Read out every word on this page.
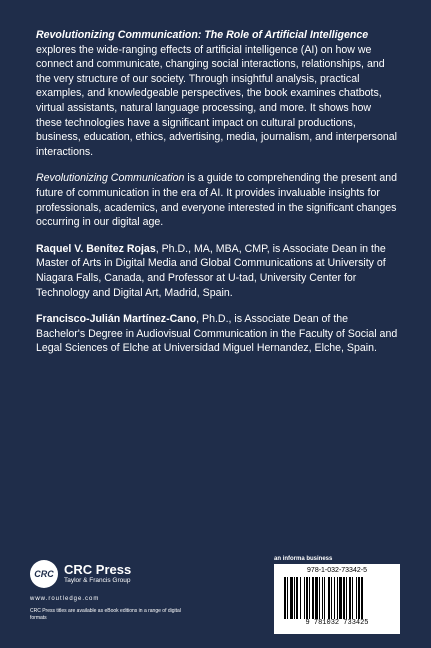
Revolutionizing Communication: The Role of Artificial Intelligence explores the wide-ranging effects of artificial intelligence (AI) on how we connect and communicate, changing social interactions, relationships, and the very structure of our society. Through insightful analysis, practical examples, and knowledgeable perspectives, the book examines chatbots, virtual assistants, natural language processing, and more. It shows how these technologies have a significant impact on cultural productions, business, education, ethics, advertising, media, journalism, and interpersonal interactions.

Revolutionizing Communication is a guide to comprehending the present and future of communication in the era of AI. It provides invaluable insights for professionals, academics, and everyone interested in the significant changes occurring in our digital age.

Raquel V. Benítez Rojas, Ph.D., MA, MBA, CMP, is Associate Dean in the Master of Arts in Digital Media and Global Communications at University of Niagara Falls, Canada, and Professor at U-tad, University Center for Technology and Digital Art, Madrid, Spain.

Francisco-Julián Martínez-Cano, Ph.D., is Associate Dean of the Bachelor's Degree in Audiovisual Communication in the Faculty of Social and Legal Sciences of Elche at Universidad Miguel Hernandez, Elche, Spain.

CRC CRC Press
Taylor & Francis Group
www.routledge.com
CRC Press titles are available as eBook editions in a range of digital formats
an informa business
978-1-032-73342-5
9 781032 733425
